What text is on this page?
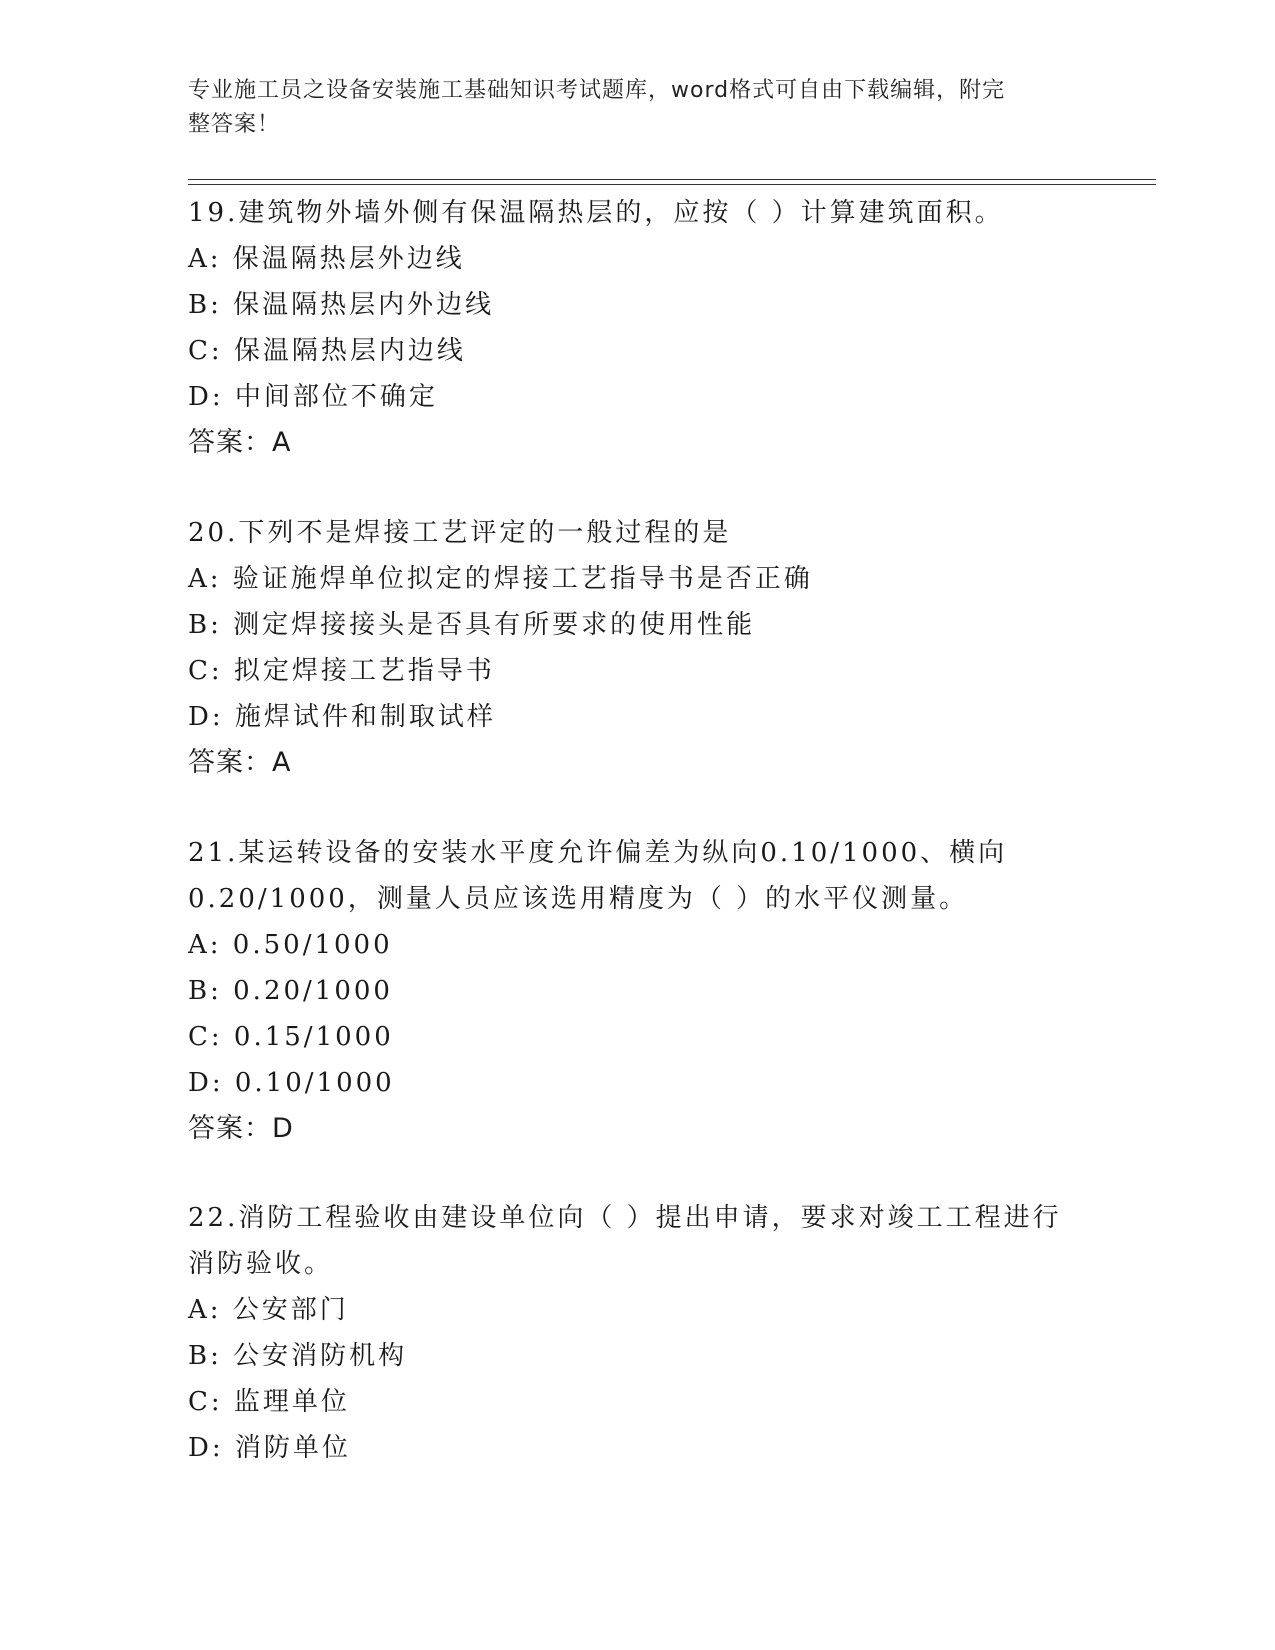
专业施工员之设备安装施工基础知识考试题库，word格式可自由下载编辑，附完
整答案！
19.建筑物外墙外侧有保温隔热层的，应按（ ）计算建筑面积。
A: 保温隔热层外边线
B: 保温隔热层内外边线
C: 保温隔热层内边线
D: 中间部位不确定
答案：A
20.下列不是焊接工艺评定的一般过程的是
A: 验证施焊单位拟定的焊接工艺指导书是否正确
B: 测定焊接接头是否具有所要求的使用性能
C: 拟定焊接工艺指导书
D: 施焊试件和制取试样
答案：A
21.某运转设备的安装水平度允许偏差为纵向0.10/1000、横向
0.20/1000，测量人员应该选用精度为（ ）的水平仪测量。
A: 0.50/1000
B: 0.20/1000
C: 0.15/1000
D: 0.10/1000
答案：D
22.消防工程验收由建设单位向（ ）提出申请，要求对竣工工程进行
消防验收。
A: 公安部门
B: 公安消防机构
C: 监理单位
D: 消防单位
